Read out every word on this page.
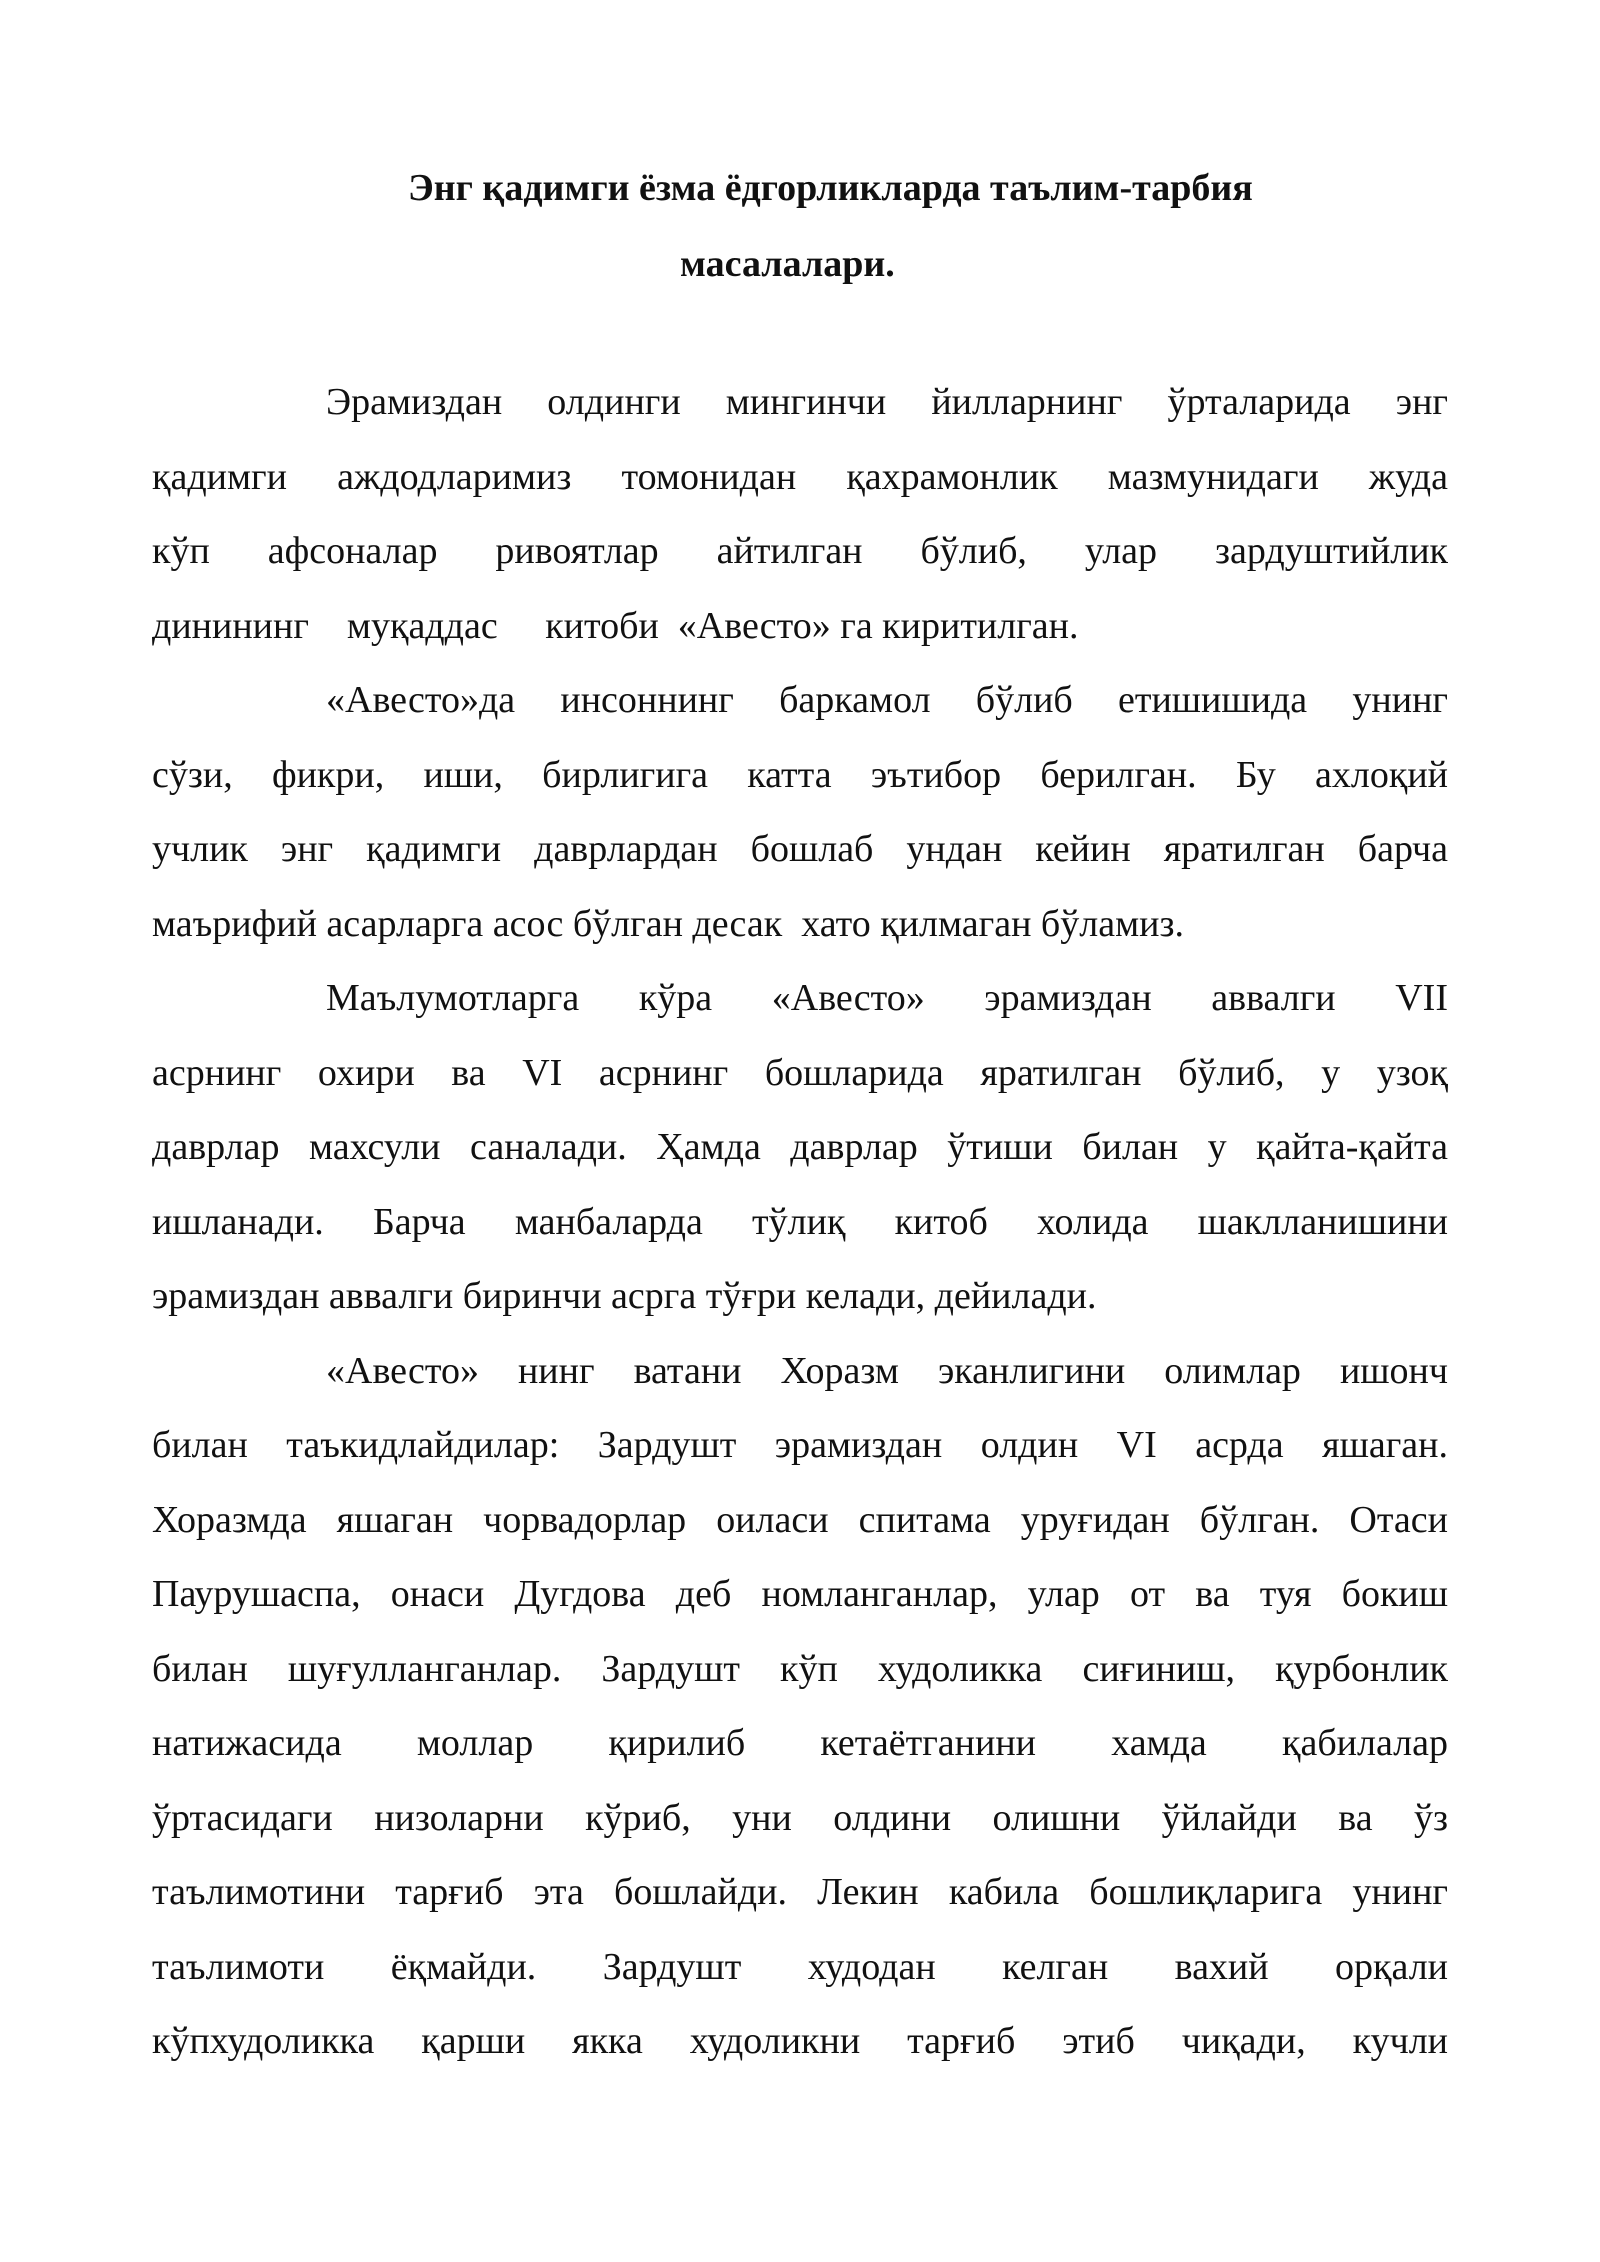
Энг қадимги ёзма ёдгорликларда таълим-тарбия
масалалари.

Эрамиздан олдинги мингинчи йилларнинг ўрталарида энг
қадимги аждодларимиз томонидан қахрамонлик мазмунидаги жуда
кўп афсоналар ривоятлар айтилган бўлиб, улар зардуштийлик
динининг    муқаддас     китоби  «Авесто» га киритилган.

«Авесто»да инсоннинг баркамол бўлиб етишишида унинг
сўзи, фикри, иши, бирлигига катта эътибор берилган. Бу ахлоқий
учлик энг қадимги даврлардан бошлаб ундан кейин яратилган барча
маърифий асарларга асос бўлган десак  хато қилмаган бўламиз.

Маълумотларга кўра «Авесто» эрамиздан аввалги VII
асрнинг охири ва VI асрнинг бошларида яратилган бўлиб, у узоқ
даврлар махсули саналади. Ҳамда даврлар ўтиши билан у қайта-қайта
ишланади. Барча манбаларда тўлиқ китоб холида шаклланишини
эрамиздан аввалги биринчи асрга тўғри келади, дейилади.

«Авесто» нинг ватани Хоразм эканлигини олимлар ишонч
билан таъкидлайдилар: Зардушт эрамиздан олдин VI асрда яшаган.
Хоразмда яшаган чорвадорлар оиласи спитама уруғидан бўлган. Отаси
Паурушаспа, онаси Дугдова деб номланганлар, улар от ва туя бокиш
билан шуғулланганлар. Зардушт кўп худоликка сиғиниш, қурбонлик
натижасида моллар қирилиб кетаётганини хамда қабилалар
ўртасидаги низоларни кўриб, уни олдини олишни ўйлайди ва ўз
таълимотини тарғиб эта бошлайди. Лекин кабила бошлиқларига унинг
таълимоти ёқмайди. Зардушт худодан келган вахий орқали
кўпхудоликка қарши якка худоликни тарғиб этиб чиқади, кучли
